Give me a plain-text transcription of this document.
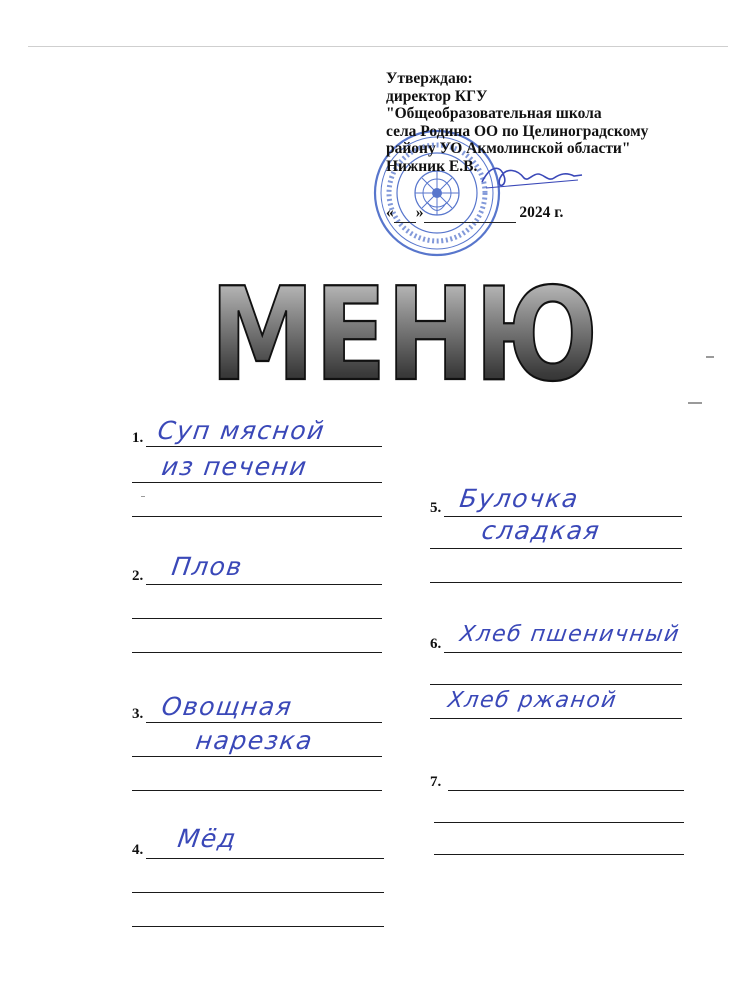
Утверждаю:
директор КГУ
"Общеобразовательная школа
села Родина ОО по Целиноградскому
району УО Акмолинской области"
Нижник Е.В.
« »	2024 г.
МЕНЮ
1. Суп мясной
из печени
2. Плов
3. Овощная
нарезка
4. Мёд
5. Булочка
сладкая
6. Хлеб пшеничный
Хлеб ржаной
7.
